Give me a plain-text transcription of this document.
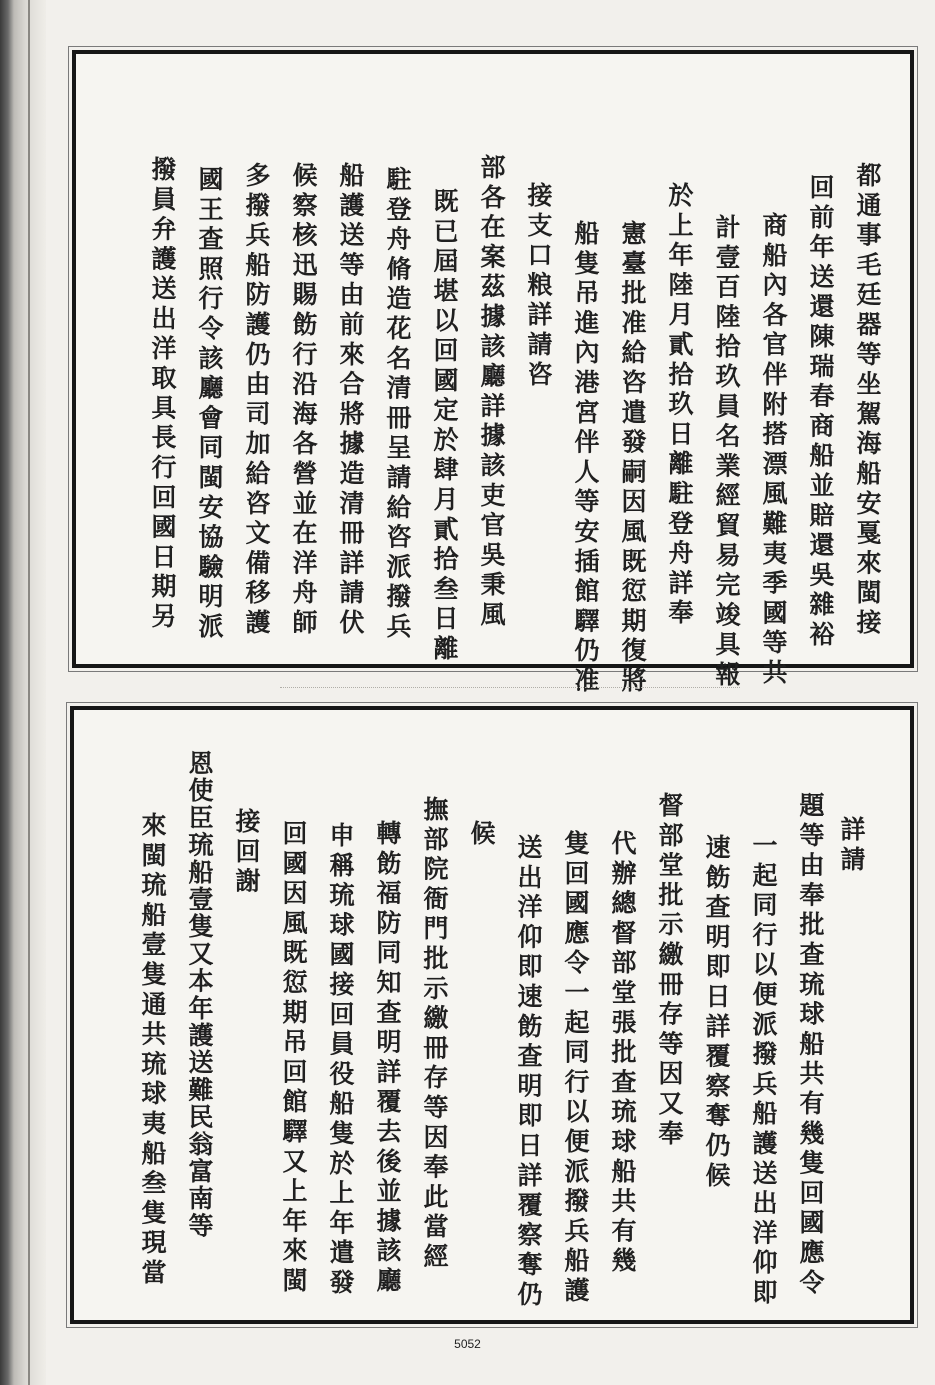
都通事毛廷器等坐駕海船安戛來閩接
回前年送還陳瑞春商船並賠還吳雜裕
商船內各官伴附搭漂風難夷季國等共
計壹百陸拾玖員名業經貿易完竣具報
於上年陸月貳拾玖日離駐登舟詳奉
憲臺批准給咨遣發嗣因風既愆期復將
船隻吊進內港宮伴人等安插館驛仍准
接支口粮詳請咨
部各在案茲據該廳詳據該吏官吳秉風
既已屆堪以回國定於肆月貳拾叁日離
駐登舟脩造花名清冊呈請給咨派撥兵
船護送等由前來合將據造清冊詳請伏
候察核迅賜飭行沿海各營並在洋舟師
多撥兵船防護仍由司加給咨文備移護
國王查照行令該廳會同閩安協驗明派
撥員弁護送出洋取具長行回國日期另
詳請
題等由奉批查琉球船共有幾隻回國應令
一起同行以便派撥兵船護送出洋仰即
速飭查明即日詳覆察奪仍候
督部堂批示繳冊存等因又奉
代辦總督部堂張批查琉球船共有幾
隻回國應令一起同行以便派撥兵船護
送出洋仰即速飭查明即日詳覆察奪仍
候
撫部院衙門批示繳冊存等因奉此當經
轉飭福防同知查明詳覆去後並據該廳
申稱琉球國接回員役船隻於上年遣發
回國因風既愆期吊回館驛又上年來閩
接回謝
恩使臣琉船壹隻又本年護送難民翁富南等
來閩琉船壹隻通共琉球夷船叁隻現當
5052
